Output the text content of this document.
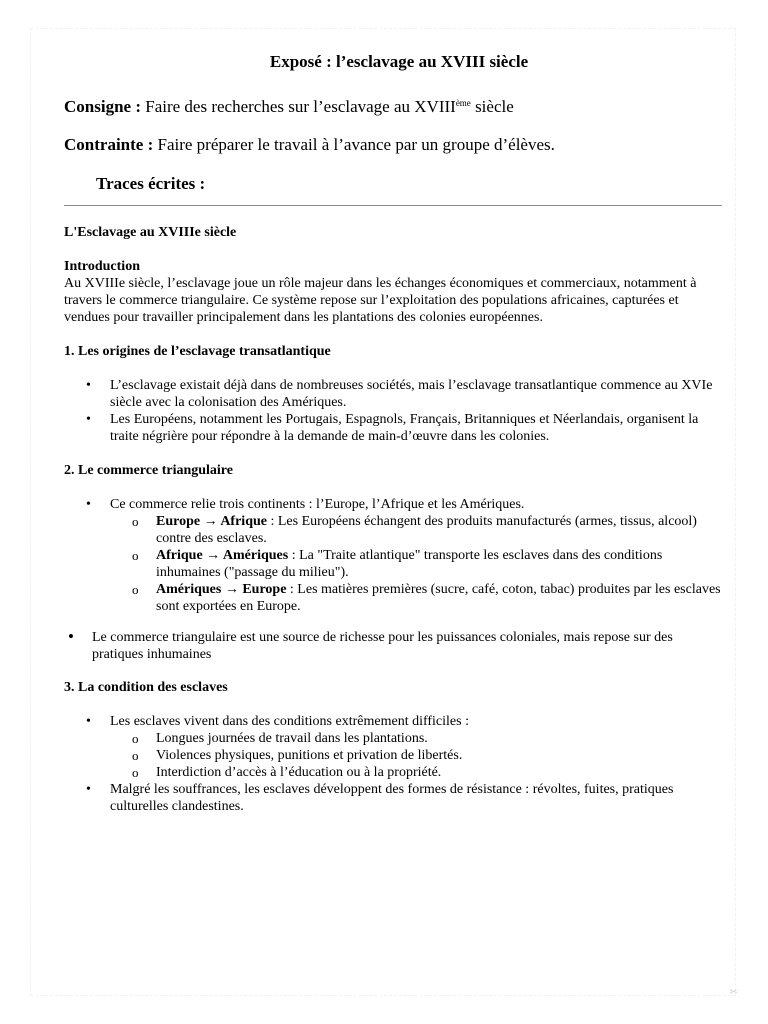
Exposé : l’esclavage au XVIII siècle

Consigne : Faire des recherches sur l’esclavage au XVIIIème siècle

Contrainte : Faire préparer le travail à l’avance par un groupe d’élèves.

Traces écrites :

L'Esclavage au XVIIIe siècle

Introduction

Au XVIIIe siècle, l’esclavage joue un rôle majeur dans les échanges économiques et commerciaux, notamment à travers le commerce triangulaire. Ce système repose sur l’exploitation des populations africaines, capturées et vendues pour travailler principalement dans les plantations des colonies européennes.

1. Les origines de l’esclavage transatlantique

• L’esclavage existait déjà dans de nombreuses sociétés, mais l’esclavage transatlantique commence au XVIe siècle avec la colonisation des Amériques.
• Les Européens, notamment les Portugais, Espagnols, Français, Britanniques et Néerlandais, organisent la traite négrière pour répondre à la demande de main-d’œuvre dans les colonies.

2. Le commerce triangulaire

• Ce commerce relie trois continents : l’Europe, l’Afrique et les Amériques.
o Europe → Afrique : Les Européens échangent des produits manufacturés (armes, tissus, alcool) contre des esclaves.
o Afrique → Amériques : La "Traite atlantique" transporte les esclaves dans des conditions inhumaines ("passage du milieu").
o Amériques → Europe : Les matières premières (sucre, café, coton, tabac) produites par les esclaves sont exportées en Europe.
• Le commerce triangulaire est une source de richesse pour les puissances coloniales, mais repose sur des pratiques inhumaines

3. La condition des esclaves

• Les esclaves vivent dans des conditions extrêmement difficiles :
o Longues journées de travail dans les plantations.
o Violences physiques, punitions et privation de libertés.
o Interdiction d’accès à l’éducation ou à la propriété.
• Malgré les souffrances, les esclaves développent des formes de résistance : révoltes, fuites, pratiques culturelles clandestines.
✂
